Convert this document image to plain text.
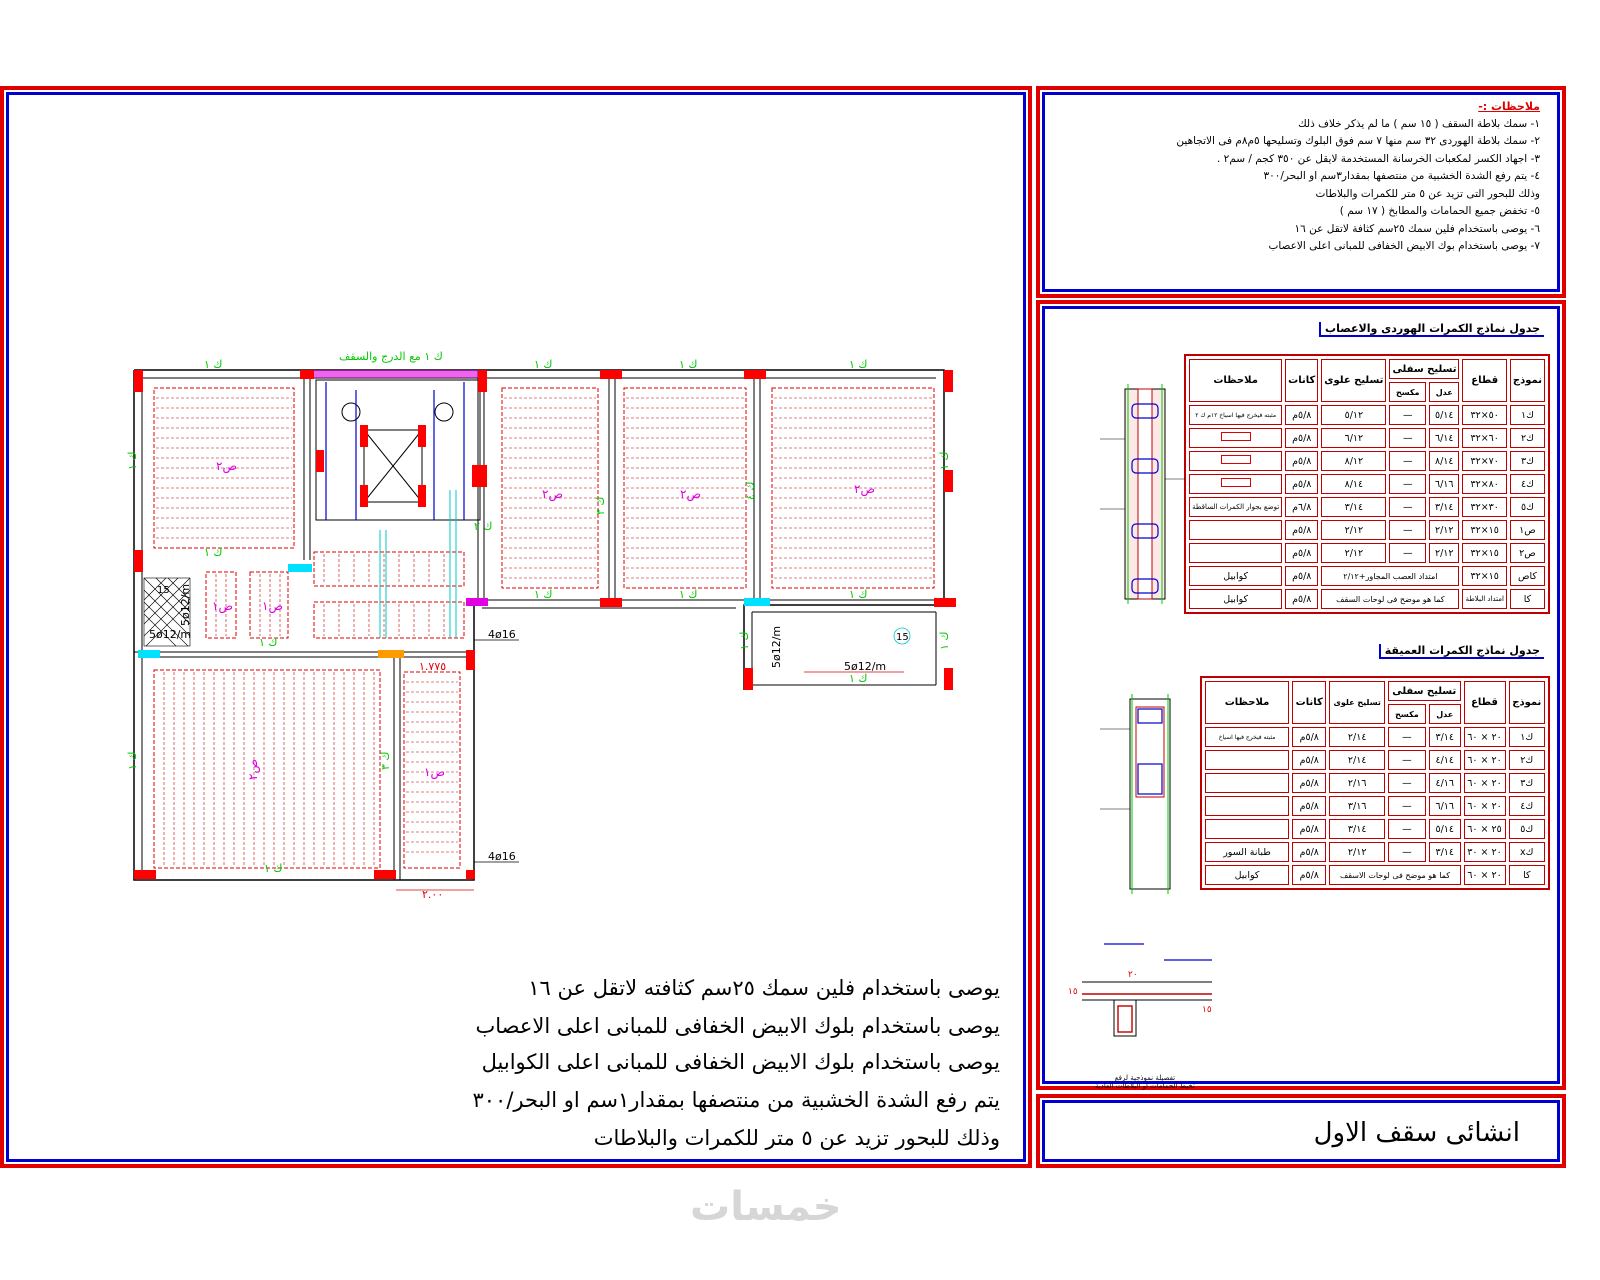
ك ١	ك ١	ك ١	ك ١
ك ١	ك ١	ك ١
ك ١
ك ١
ك ١
ك ١
ك ٢
ك ٣	ك ٤
ك ٣
ك ١
ك ١
ك ١
ك ١
ك ١
ك ١ مع الدرج والسقف
ص٢
ص٢	ص٢	ص٢
ص٢	ص١
ص١
ص١
4ø16
4ø16
5ø12/m
5ø12/m
5ø12/m
5ø12/m
١.٧٧٥
٢.٠٠
15
15
يوصى باستخدام فلين سمك ٢٥سم كثافته لاتقل عن ١٦
يوصى باستخدام بلوك الابيض الخفافى للمبانى اعلى الاعصاب
يوصى باستخدام بلوك الابيض الخفافى للمبانى اعلى الكوابيل
يتم رفع الشدة الخشبية من منتصفها بمقدار١سم او البحر/٣٠٠
وذلك للبحور تزيد عن ٥ متر للكمرات والبلاطات
ملاحظات :-
١- سمك بلاطة السقف ( ١٥ سم ) ما لم يذكر خلاف ذلك
٢- سمك بلاطة الهوردى ٣٢ سم منها ٧ سم فوق البلوك وتسليحها ٥م٨م فى الاتجاهين
٣- اجهاد الكسر لمكعبات الخرسانة المستخدمة لايقل عن ٣٥٠ كجم / سم٢ .
٤- يتم رفع الشدة الخشبية من منتصفها بمقدار٣سم او البحر/٣٠٠
وذلك للبحور التى تزيد عن ٥ متر للكمرات والبلاطات
٥- تخفض جميع الحمامات والمطابخ ( ١٧ سم )
٦- يوصى باستخدام فلين سمك ٢٥سم كثافة لاتقل عن ١٦
٧- يوصى باستخدام بوك الابيض الخفافى للمبانى اعلى الاعصاب
جدول نماذج الكمرات الهوردى والاعصاب
نموذج	قطاع	تسليح سفلى		تسليح علوى	كانات	ملاحظات
		عدل	مكسح			
ك١	٥٠×٣٢	٥/١٤	—	٥/١٢	٥/٨م	مثبته فيخرج فيها اسياخ ١٢م ك ٢
ك٢	٦٠×٣٢	٦/١٤	—	٦/١٢	٥/٨م	
ك٣	٧٠×٣٢	٨/١٤	—	٨/١٢	٥/٨م	
ك٤	٨٠×٣٢	٦/١٦	—	٨/١٤	٥/٨م	
ك٥	٣٠×٣٢	٣/١٤	—	٣/١٤	٦/٨م	توضع بجوار الكمرات الساقطة
ص١	١٥×٣٢	٢/١٢	—	٢/١٢	٥/٨م	
ص٢	١٥×٣٢	٢/١٢	—	٢/١٢	٥/٨م	
كاص	١٥×٣٢	امتداد العصب المجاور+٢/١٢			٥/٨م	كوابيل
كا	امتداد البلاطة	كما هو موضح فى لوحات السقف			٥/٨م	كوابيل
جدول نماذج الكمرات العميقة
نموذج	قطاع	تسليح سفلى		تسليح علوى	كانات	ملاحظات
		عدل	مكسح			
ك١	٢٠ × ٦٠	٣/١٤	—	٢/١٤	٥/٨م	مثبته فيخرج فيها اسياخ
ك٢	٢٠ × ٦٠	٤/١٤	—	٢/١٤	٥/٨م	
ك٣	٢٠ × ٦٠	٤/١٦	—	٢/١٦	٥/٨م	
ك٤	٢٠ × ٦٠	٦/١٦	—	٣/١٦	٥/٨م	
ك٥	٢٥ × ٦٠	٥/١٤	—	٣/١٤	٥/٨م	
كx	٢٠ × ٣٠	٣/١٤	—	٢/١٢	٥/٨م	طبانة السور
كا	٢٠ × ٦٠	كما هو موضح فى لوحات الاسقف			٥/٨م	كوابيل
٢٠
١٥
١٥
تفصيلة نموذجية لرفع
تخيط الحمامات او البلاطات العادية
انشائى سقف الاول
خمسات
